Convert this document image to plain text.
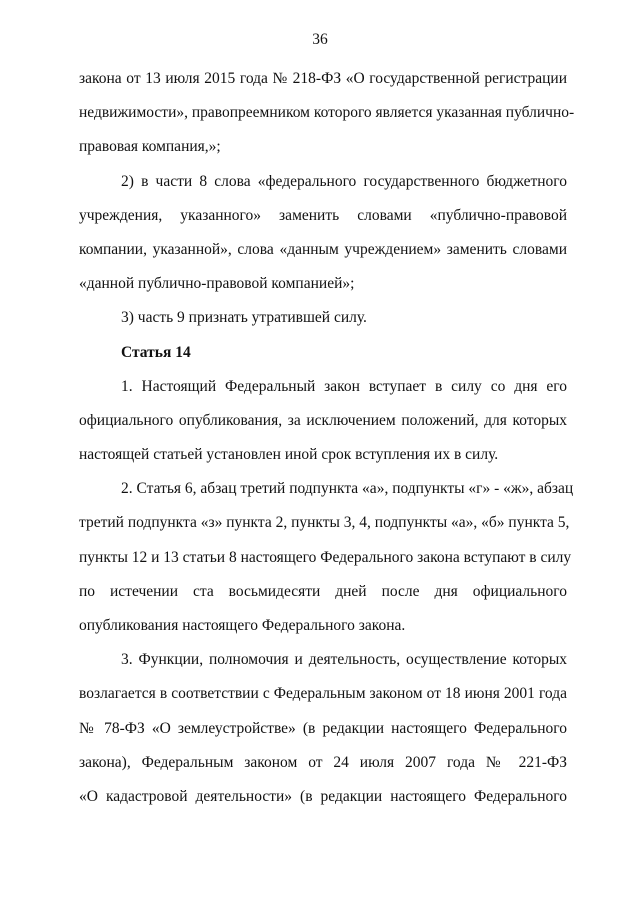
36
закона от 13 июля 2015 года № 218-ФЗ «О государственной регистрации
недвижимости», правопреемником которого является указанная публично-
правовая компания,»;
2) в части 8 слова «федерального государственного бюджетного
учреждения, указанного» заменить словами «публично-правовой
компании, указанной», слова «данным учреждением» заменить словами
«данной публично-правовой компанией»;
3) часть 9 признать утратившей силу.
Статья 14
1. Настоящий Федеральный закон вступает в силу со дня его
официального опубликования, за исключением положений, для которых
настоящей статьей установлен иной срок вступления их в силу.
2. Статья 6, абзац третий подпункта «а», подпункты «г» - «ж», абзац
третий подпункта «з» пункта 2, пункты 3, 4, подпункты «а», «б» пункта 5,
пункты 12 и 13 статьи 8 настоящего Федерального закона вступают в силу
по истечении ста восьмидесяти дней после дня официального
опубликования настоящего Федерального закона.
3. Функции, полномочия и деятельность, осуществление которых
возлагается в соответствии с Федеральным законом от 18 июня 2001 года
№ 78-ФЗ «О землеустройстве» (в редакции настоящего Федерального
закона), Федеральным законом от 24 июля 2007 года № 221-ФЗ
«О кадастровой деятельности» (в редакции настоящего Федерального
